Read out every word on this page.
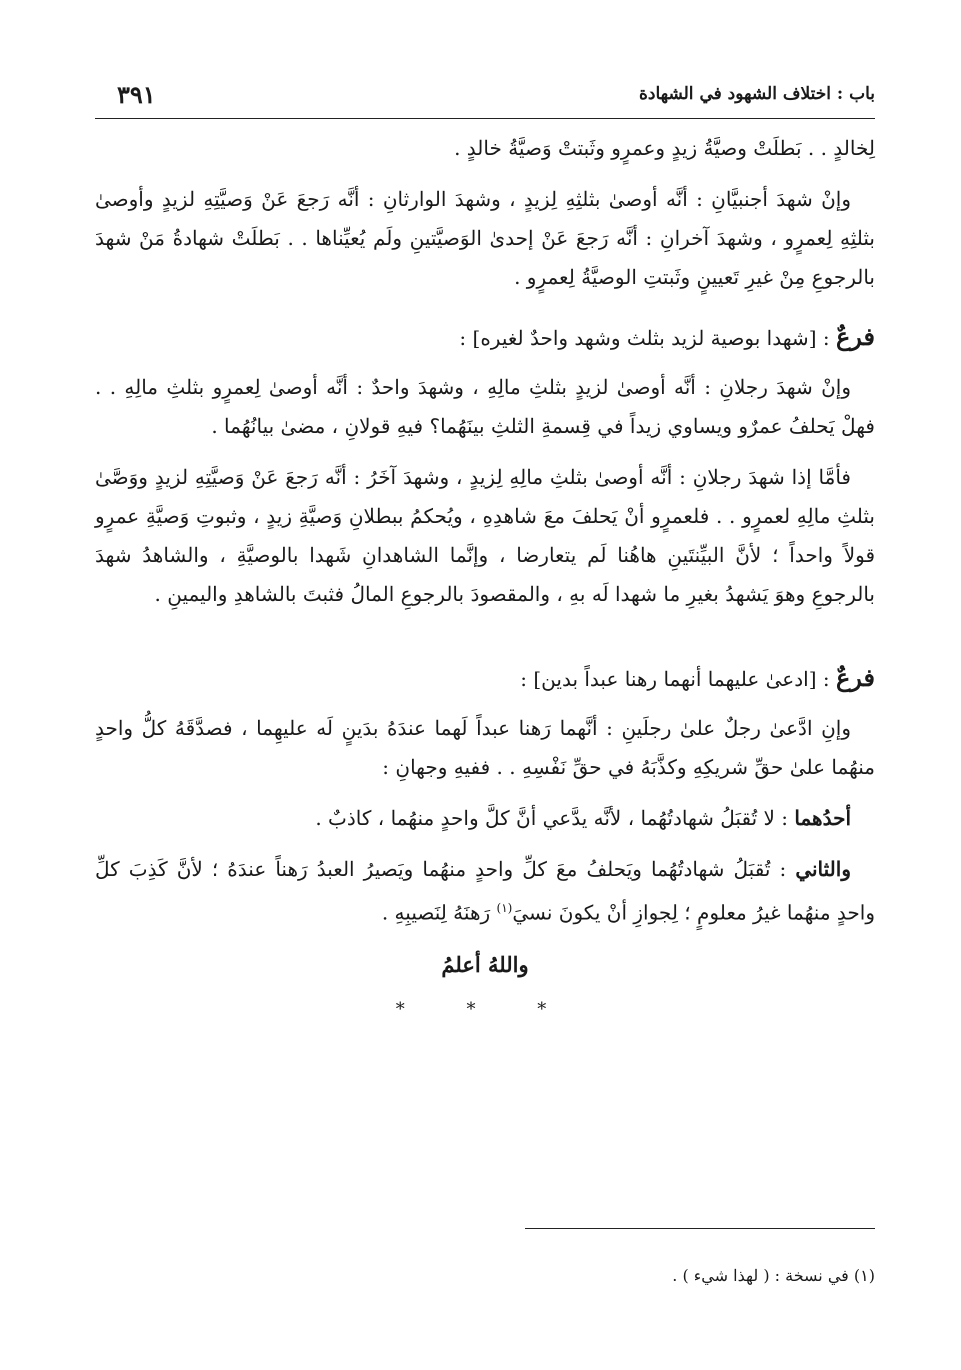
باب : اختلاف الشهود في الشهادة
٣٩١

لِخالدٍ . . بَطلَتْ وصيَّةُ زيدٍ وعمرٍو وثَبتتْ وَصيَّةُ خالدٍ .

وإنْ شهدَ أجنبيَّانِ : أنَّه أوصىٰ بثلثِهِ لِزيدٍ ، وشهدَ الوارثانِ : أنَّه رَجعَ عَنْ وَصيَّتِهِ لزيدٍ وأوصىٰ بثلثِهِ لِعمرٍو ، وشهدَ آخرانِ : أنَّه رَجعَ عَنْ إحدىٰ الوَصيَّتينِ ولَم يُعيِّناها . . بَطلَتْ شهادةُ مَنْ شهدَ بالرجوعِ مِنْ غيرِ تَعيينٍ وثَبتتِ الوصيَّةُ لِعمرٍو .

فرعٌ : [شهدا بوصية لزيد بثلث وشهد واحدٌ لغيره] :

وإنْ شهدَ رجلانِ : أنَّه أوصىٰ لزيدٍ بثلثِ مالِهِ ، وشهدَ واحدٌ : أنَّه أوصىٰ لِعمرٍو بثلثِ مالِهِ . . فهلْ يَحلفُ عمرٌو ويساوي زيداً في قِسمةِ الثلثِ بينَهُما؟ فيهِ قولانِ ، مضىٰ بيانُهُما .

فأمَّا إذا شهدَ رجلانِ : أنَّه أوصىٰ بثلثِ مالِهِ لِزيدٍ ، وشهدَ آخَرُ : أنَّه رَجعَ عَنْ وَصيَّتِهِ لزيدٍ ووَصَّىٰ بثلثِ مالِهِ لعمرٍو . . فلعمرٍو أنْ يَحلفَ معَ شاهدِهِ ، ويُحكمُ ببطلانِ وَصيَّةِ زيدٍ ، وثبوتِ وَصيَّةِ عمرٍو قولاً واحداً ؛ لأنَّ البيِّنتَينِ هاهُنا لَم يتعارضا ، وإنَّما الشاهدانِ شَهدا بالوصيَّةِ ، والشاهدُ شهدَ بالرجوعِ وهوَ يَشهدُ بغيرِ ما شهدا لَه بهِ ، والمقصودَ بالرجوعِ المالُ فثبتَ بالشاهدِ واليمينِ .

فرعٌ : [ادعىٰ عليهما أنهما رهنا عبداً بدين] :

وإنِ ادَّعىٰ رجلٌ علىٰ رجلَينِ : أنَّهما رَهنا عبداً لَهما عندَهُ بدَينٍ لَه عليهِما ، فصدَّقَهُ كلُّ واحدٍ منهُما علىٰ حقِّ شريكِهِ وكذَّبَهُ في حقِّ نَفْسِهِ . . ففيهِ وجهانِ :

أحدُهما : لا تُقبَلُ شهادتُهُما ، لأنَّه يدَّعي أنَّ كلَّ واحدٍ منهُما ، كاذبٌ .

والثاني : تُقبَلُ شهادتُهُما ويَحلفُ معَ كلِّ واحدٍ منهُما ويَصيرُ العبدُ رَهناً عندَهُ ؛ لأنَّ كَذِبَ كلِّ واحدٍ منهُما غيرُ معلومٍ ؛ لِجوازِ أنْ يكونَ نسيَ$^{(١)}$ رَهنَهُ لِنَصيبِهِ .

واللهُ أعلمُ
* * *
(١) في نسخة : ( لهذا شيء ) .
